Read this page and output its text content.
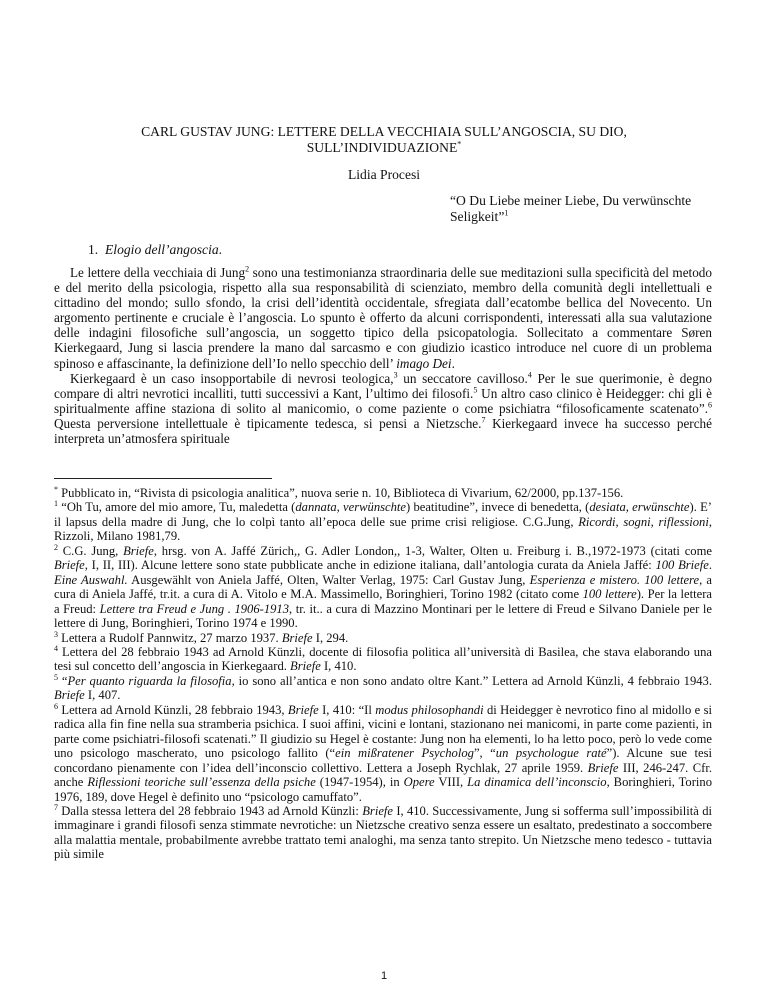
CARL GUSTAV JUNG: LETTERE DELLA VECCHIAIA SULL’ANGOSCIA, SU DIO,
SULL’INDIVIDUAZIONE*
Lidia Procesi
“O Du Liebe meiner Liebe, Du verwünschte
Seligkeit”$^1$
1. Elogio dell’angoscia.

Le lettere della vecchiaia di Jung$^2$ sono una testimonianza straordinaria delle sue meditazioni sulla specificità del metodo e del merito della psicologia, rispetto alla sua responsabilità di scienziato, membro della comunità degli intellettuali e cittadino del mondo; sullo sfondo, la crisi dell’identità occidentale, sfregiata dall’ecatombe bellica del Novecento. Un argomento pertinente e cruciale è l’angoscia. Lo spunto è offerto da alcuni corrispondenti, interessati alla sua valutazione delle indagini filosofiche sull’angoscia, un soggetto tipico della psicopatologia. Sollecitato a commentare Søren Kierkegaard, Jung si lascia prendere la mano dal sarcasmo e con giudizio icastico introduce nel cuore di un problema spinoso e affascinante, la definizione dell’Io nello specchio dell’ imago Dei.

Kierkegaard è un caso insopportabile di nevrosi teologica,$^3$ un seccatore cavilloso.$^4$ Per le sue querimonie, è degno compare di altri nevrotici incalliti, tutti successivi a Kant, l’ultimo dei filosofi.$^5$ Un altro caso clinico è Heidegger: chi gli è spiritualmente affine staziona di solito al manicomio, o come paziente o come psichiatra “filosoficamente scatenato”.$^6$ Questa perversione intellettuale è tipicamente tedesca, si pensi a Nietzsche.$^7$ Kierkegaard invece ha successo perché interpreta un’atmosfera spirituale

* Pubblicato in, “Rivista di psicologia analitica”, nuova serie n. 10, Biblioteca di Vivarium, 62/2000, pp.137-156.

$^1$ “Oh Tu, amore del mio amore, Tu, maledetta (dannata, verwünschte) beatitudine”, invece di benedetta, (desiata, erwünschte). E’ il lapsus della madre di Jung, che lo colpì tanto all’epoca delle sue prime crisi religiose. C.G.Jung, Ricordi, sogni, riflessioni, Rizzoli, Milano 1981,79.

$^2$ C.G. Jung, Briefe, hrsg. von A. Jaffé Zürich,, G. Adler London,, 1-3, Walter, Olten u. Freiburg i. B.,1972-1973 (citati come Briefe, I, II, III). Alcune lettere sono state pubblicate anche in edizione italiana, dall’antologia curata da Aniela Jaffé: 100 Briefe. Eine Auswahl. Ausgewählt von Aniela Jaffé, Olten, Walter Verlag, 1975: Carl Gustav Jung, Esperienza e mistero. 100 lettere, a cura di Aniela Jaffé, tr.it. a cura di A. Vitolo e M.A. Massimello, Boringhieri, Torino 1982 (citato come 100 lettere). Per la lettera a Freud: Lettere tra Freud e Jung . 1906-1913, tr. it.. a cura di Mazzino Montinari per le lettere di Freud e Silvano Daniele per le lettere di Jung, Boringhieri, Torino 1974 e 1990.

$^3$ Lettera a Rudolf Pannwitz, 27 marzo 1937. Briefe I, 294.

$^4$ Lettera del 28 febbraio 1943 ad Arnold Künzli, docente di filosofia politica all’università di Basilea, che stava elaborando una tesi sul concetto dell’angoscia in Kierkegaard. Briefe I, 410.

$^5$ “Per quanto riguarda la filosofia, io sono all’antica e non sono andato oltre Kant.” Lettera ad Arnold Künzli, 4 febbraio 1943. Briefe I, 407.

$^6$ Lettera ad Arnold Künzli, 28 febbraio 1943, Briefe I, 410: “Il modus philosophandi di Heidegger è nevrotico fino al midollo e si radica alla fin fine nella sua stramberia psichica. I suoi affini, vicini e lontani, stazionano nei manicomi, in parte come pazienti, in parte come psichiatri-filosofi scatenati.” Il giudizio su Hegel è costante: Jung non ha elementi, lo ha letto poco, però lo vede come uno psicologo mascherato, uno psicologo fallito (“ein mißratener Psycholog”, “un psychologue raté”). Alcune sue tesi concordano pienamente con l’idea dell’inconscio collettivo. Lettera a Joseph Rychlak, 27 aprile 1959. Briefe III, 246-247. Cfr. anche Riflessioni teoriche sull’essenza della psiche (1947-1954), in Opere VIII, La dinamica dell’inconscio, Boringhieri, Torino 1976, 189, dove Hegel è definito uno “psicologo camuffato”.

$^7$ Dalla stessa lettera del 28 febbraio 1943 ad Arnold Künzli: Briefe I, 410. Successivamente, Jung si sofferma sull’impossibilità di immaginare i grandi filosofi senza stimmate nevrotiche: un Nietzsche creativo senza essere un esaltato, predestinato a soccombere alla malattia mentale, probabilmente avrebbe trattato temi analoghi, ma senza tanto strepito. Un Nietzsche meno tedesco - tuttavia più simile

1
